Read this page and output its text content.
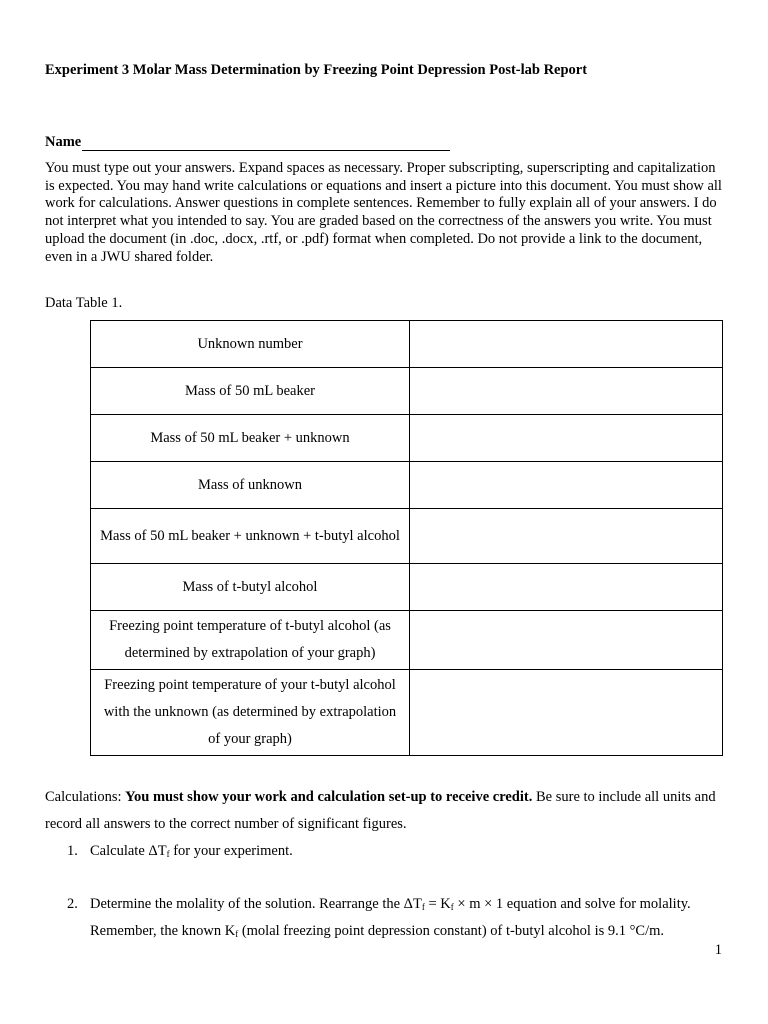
Experiment 3 Molar Mass Determination by Freezing Point Depression Post-lab Report
Name

You must type out your answers. Expand spaces as necessary. Proper subscripting, superscripting and capitalization is expected. You may hand write calculations or equations and insert a picture into this document. You must show all work for calculations. Answer questions in complete sentences. Remember to fully explain all of your answers. I do not interpret what you intended to say. You are graded based on the correctness of the answers you write. You must upload the document (in .doc, .docx, .rtf, or .pdf) format when completed. Do not provide a link to the document, even in a JWU shared folder.

Data Table 1.
Unknown number	
Mass of 50 mL beaker	
Mass of 50 mL beaker + unknown	
Mass of unknown	
Mass of 50 mL beaker + unknown + t-butyl alcohol	
Mass of t-butyl alcohol	
Freezing point temperature of t-butyl alcohol (as determined by extrapolation of your graph)	
Freezing point temperature of your t-butyl alcohol with the unknown (as determined by extrapolation of your graph)	

Calculations: You must show your work and calculation set-up to receive credit. Be sure to include all units and record all answers to the correct number of significant figures.

1. Calculate $\Delta T_f$ for your experiment.
2. Determine the molality of the solution. Rearrange the $\Delta T_f = K_f \times m \times 1$ equation and solve for molality. Remember, the known $K_f$ (molal freezing point depression constant) of t-butyl alcohol is 9.1 °C/m.
1
